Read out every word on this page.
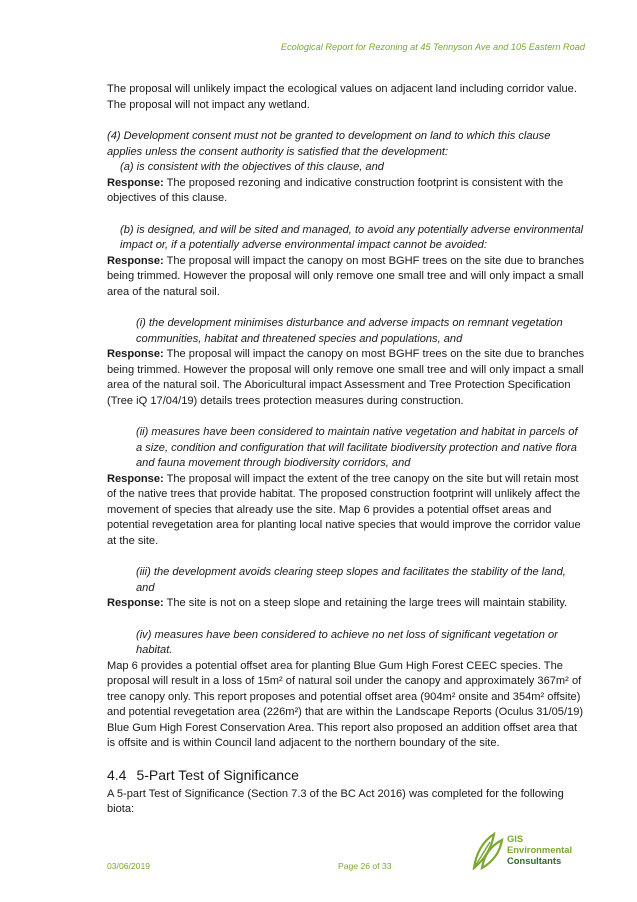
Ecological Report for Rezoning at 45 Tennyson Ave and 105 Eastern Road

The proposal will unlikely impact the ecological values on adjacent land including corridor value. The proposal will not impact any wetland.

(4) Development consent must not be granted to development on land to which this clause applies unless the consent authority is satisfied that the development:

(a) is consistent with the objectives of this clause, and

Response: The proposed rezoning and indicative construction footprint is consistent with the objectives of this clause.

(b) is designed, and will be sited and managed, to avoid any potentially adverse environmental impact or, if a potentially adverse environmental impact cannot be avoided:

Response: The proposal will impact the canopy on most BGHF trees on the site due to branches being trimmed. However the proposal will only remove one small tree and will only impact a small area of the natural soil.

(i) the development minimises disturbance and adverse impacts on remnant vegetation communities, habitat and threatened species and populations, and

Response: The proposal will impact the canopy on most BGHF trees on the site due to branches being trimmed. However the proposal will only remove one small tree and will only impact a small area of the natural soil. The Aboricultural impact Assessment and Tree Protection Specification (Tree iQ 17/04/19) details trees protection measures during construction.

(ii) measures have been considered to maintain native vegetation and habitat in parcels of a size, condition and configuration that will facilitate biodiversity protection and native flora and fauna movement through biodiversity corridors, and

Response: The proposal will impact the extent of the tree canopy on the site but will retain most of the native trees that provide habitat. The proposed construction footprint will unlikely affect the movement of species that already use the site. Map 6 provides a potential offset areas and potential revegetation area for planting local native species that would improve the corridor value at the site.

(iii) the development avoids clearing steep slopes and facilitates the stability of the land, and

Response: The site is not on a steep slope and retaining the large trees will maintain stability.

(iv) measures have been considered to achieve no net loss of significant vegetation or habitat.

Map 6 provides a potential offset area for planting Blue Gum High Forest CEEC species. The proposal will result in a loss of 15m² of natural soil under the canopy and approximately 367m² of tree canopy only. This report proposes and potential offset area (904m² onsite and 354m² offsite) and potential revegetation area (226m²) that are within the Landscape Reports (Oculus 31/05/19) Blue Gum High Forest Conservation Area. This report also proposed an addition offset area that is offsite and is within Council land adjacent to the northern boundary of the site.

4.4 5-Part Test of Significance

A 5-part Test of Significance (Section 7.3 of the BC Act 2016) was completed for the following biota:

03/06/2019	Page 26 of 33
GIS
Environmental
Consultants
